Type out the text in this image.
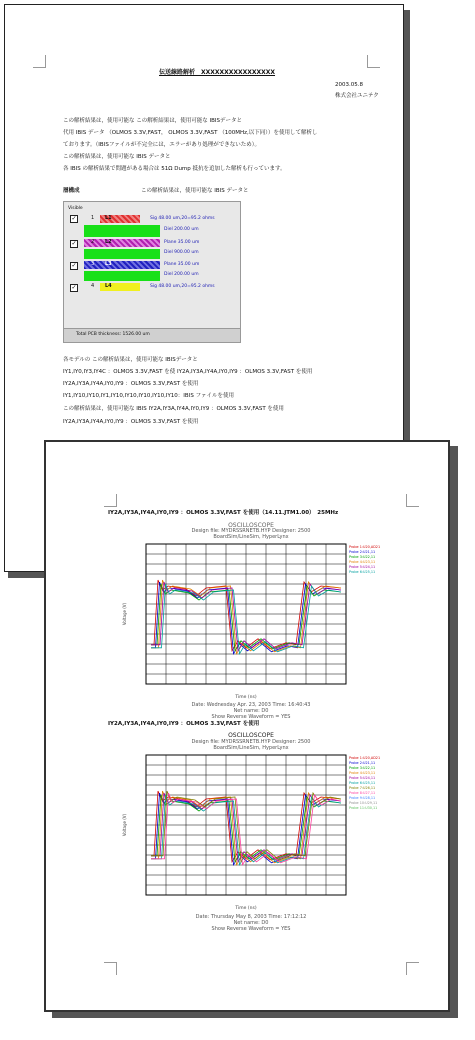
伝送線路解析　XXXXXXXXXXXXXXXX
2003.05.8
株式会社ユニテク
この解析結果は，使用可能な この解析結果は，使用可能な IBISデータと
代用 IBIS データ （OLMOS 3.3V,FAST， OLMOS 3.3V,FAST （100MHz,以下同））を使用して解析し
ております。（IBISファイルが不完全には，エラーがあり処理ができないため）。
この解析結果は，使用可能な IBIS データと
各 IBIS の解析結果で問題がある場合は 51Ω Dump 抵抗を追加した解析も行っています。
層構成	この解析結果は，使用可能な IBIS データと
Visible
✓	1 L1	Sig 48.00 um,20=95.2 ohms
Diel 200.00 um
✓	2 L2	Plane 35.00 um
Diel 900.00 um
✓	3 L3	Plane 35.00 um
Diel 200.00 um
✓	4 L4	Sig 48.00 um,20=95.2 ohms
Total PCB thickness: 1526.00 um
各モデルの この解析結果は，使用可能な IBISデータと
IY1,IY0,IY3,IY4C ：OLMOS 3.3V,FAST を使 IY2A,IY3A,IY4A,IY0,IY9 ：OLMOS 3.3V,FAST を使用
IY2A,IY3A,IY4A,IY0,IY9 ：OLMOS 3.3V,FAST を使用
IY1,IY10,IY10,IY1,IY10,IY10,IY10,IY10,IY10：IBIS ファイルを使用
この解析結果は，使用可能な IBIS IY2A,IY3A,IY4A,IY0,IY9 ：OLMOS 3.3V,FAST を使用
IY2A,IY3A,IY4A,IY0,IY9 ：OLMOS 3.3V,FAST を使用
IY2A,IY3A,IY4A,IY0,IY9 ：OLMOS 3.3V,FAST を使用（14.11.JTM1.00）　25MHz
OSCILLOSCOPE
Design file: MYDRSSRNETB.HYP Designer: 2500
BoardSim/LineSim, HyperLynx
Voltage (V)
Time (ns)
Probe 1:U20,AD21
Probe 2:U21,11
Probe 3:U22,11
Probe 4:U23,11
Probe 5:U24,11
Probe 6:U25,11
Date: Wednesday Apr. 23, 2003 Time: 16:40:43
Net name: D0
Show Reverse Waveform = YES
IY2A,IY3A,IY4A,IY0,IY9 ：OLMOS 3.3V,FAST を使用
OSCILLOSCOPE
Design file: MYDRSSRNETB.HYP Designer: 2500
BoardSim/LineSim, HyperLynx
Voltage (V)
Time (ns)
Probe 1:U20,AD21
Probe 2:U21,11
Probe 3:U22,11
Probe 4:U23,11
Probe 5:U24,11
Probe 6:U25,11
Probe 7:U26,11
Probe 8:U27,11
Probe 9:U28,11
Probe 10:U29,11
Probe 11:U30,11
Date: Thursday May 8, 2003 Time: 17:12:12
Net name: D0
Show Reverse Waveform = YES
